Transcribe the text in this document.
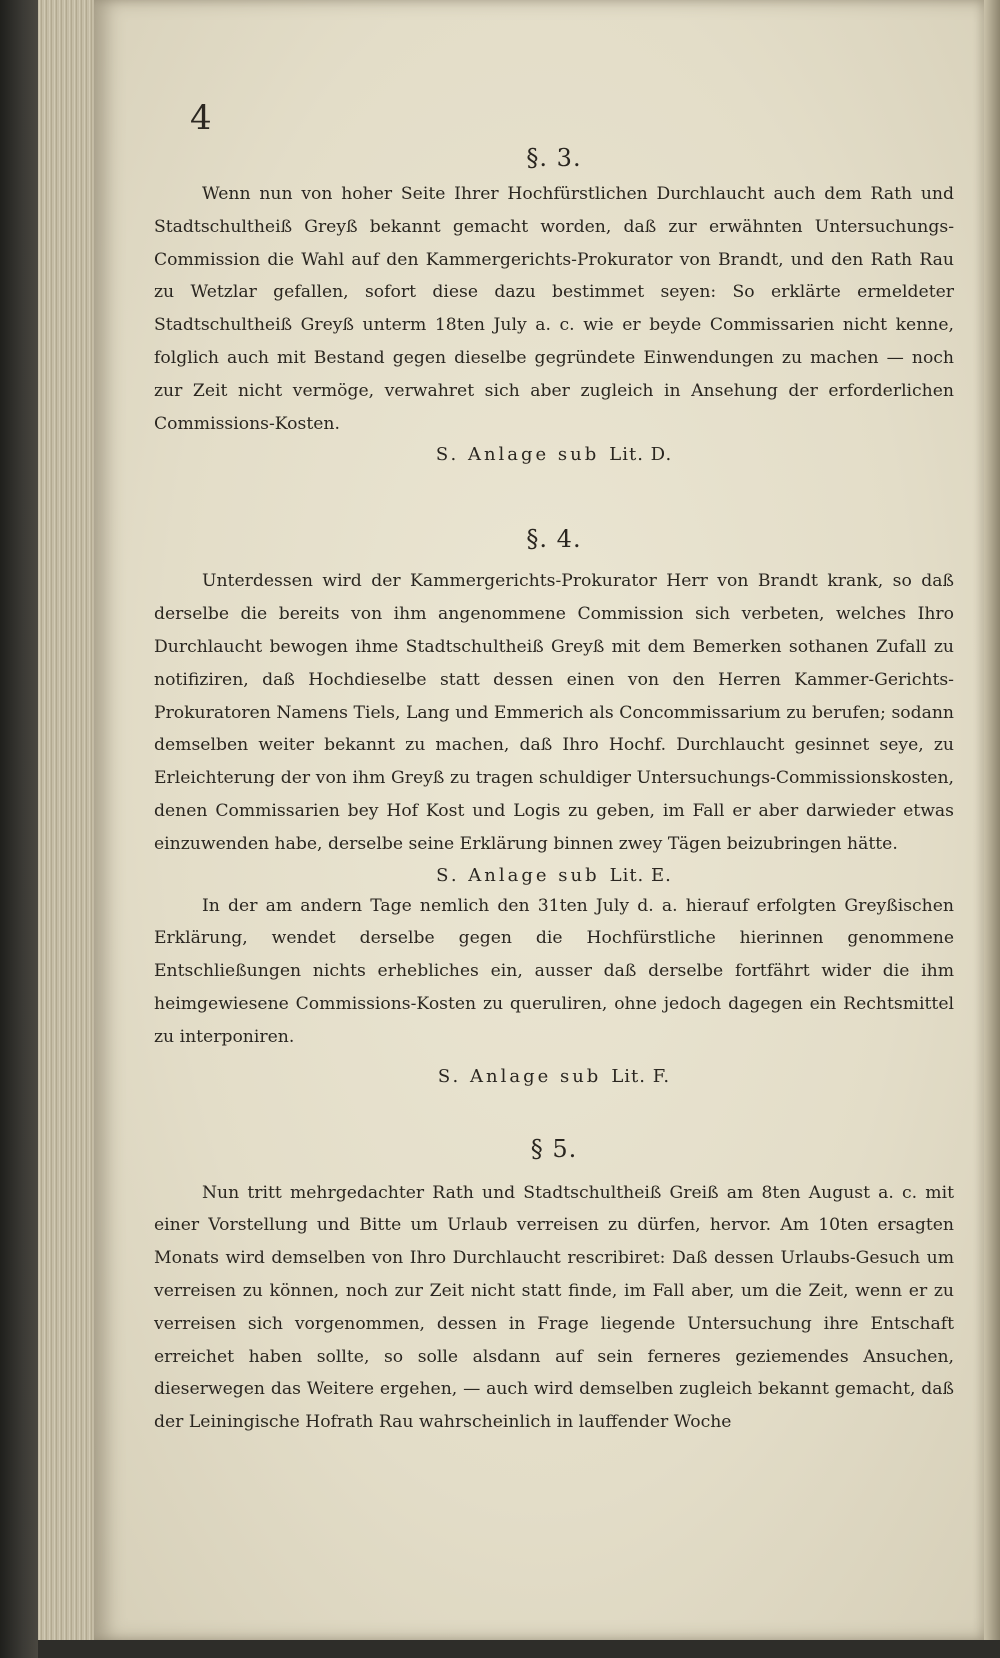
4

§. 3.

Wenn nun von hoher Seite Ihrer Hochfürstlichen Durchlaucht auch dem Rath und Stadtschultheiß Greyß bekannt gemacht worden, daß zur erwähnten Untersuchungs-Commission die Wahl auf den Kammergerichts-Prokurator von Brandt, und den Rath Rau zu Wetzlar gefallen, sofort diese dazu bestimmet seyen: So erklärte ermeldeter Stadtschultheiß Greyß unterm 18ten July a. c. wie er beyde Commissarien nicht kenne, folglich auch mit Bestand gegen dieselbe gegründete Einwendungen zu machen — noch zur Zeit nicht vermöge, verwahret sich aber zugleich in Ansehung der erforderlichen Commissions-Kosten.

S. Anlage sub Lit. D.

§. 4.

Unterdessen wird der Kammergerichts-Prokurator Herr von Brandt krank, so daß derselbe die bereits von ihm angenommene Commission sich verbeten, welches Ihro Durchlaucht bewogen ihme Stadtschultheiß Greyß mit dem Bemerken sothanen Zufall zu notifiziren, daß Hochdieselbe statt dessen einen von den Herren Kammer-Gerichts-Prokuratoren Namens Tiels, Lang und Emmerich als Concommissarium zu berufen; sodann demselben weiter bekannt zu machen, daß Ihro Hochf. Durchlaucht gesinnet seye, zu Erleichterung der von ihm Greyß zu tragen schuldiger Untersuchungs-Commissionskosten, denen Commissarien bey Hof Kost und Logis zu geben, im Fall er aber darwieder etwas einzuwenden habe, derselbe seine Erklärung binnen zwey Tägen beizubringen hätte.

S. Anlage sub Lit. E.

In der am andern Tage nemlich den 31ten July d. a. hierauf erfolgten Greyßischen Erklärung, wendet derselbe gegen die Hochfürstliche hierinnen genommene Entschließungen nichts erhebliches ein, ausser daß derselbe fortfährt wider die ihm heimgewiesene Commissions-Kosten zu queruliren, ohne jedoch dagegen ein Rechtsmittel zu interponiren.

S. Anlage sub Lit. F.

§ 5.

Nun tritt mehrgedachter Rath und Stadtschultheiß Greiß am 8ten August a. c. mit einer Vorstellung und Bitte um Urlaub verreisen zu dürfen, hervor. Am 10ten ersagten Monats wird demselben von Ihro Durchlaucht rescribiret: Daß dessen Urlaubs-Gesuch um verreisen zu können, noch zur Zeit nicht statt finde, im Fall aber, um die Zeit, wenn er zu verreisen sich vorgenommen, dessen in Frage liegende Untersuchung ihre Entschaft erreichet haben sollte, so solle alsdann auf sein ferneres geziemendes Ansuchen, dieserwegen das Weitere ergehen, — auch wird demselben zugleich bekannt gemacht, daß der Leiningische Hofrath Rau wahrscheinlich in lauffender Woche
